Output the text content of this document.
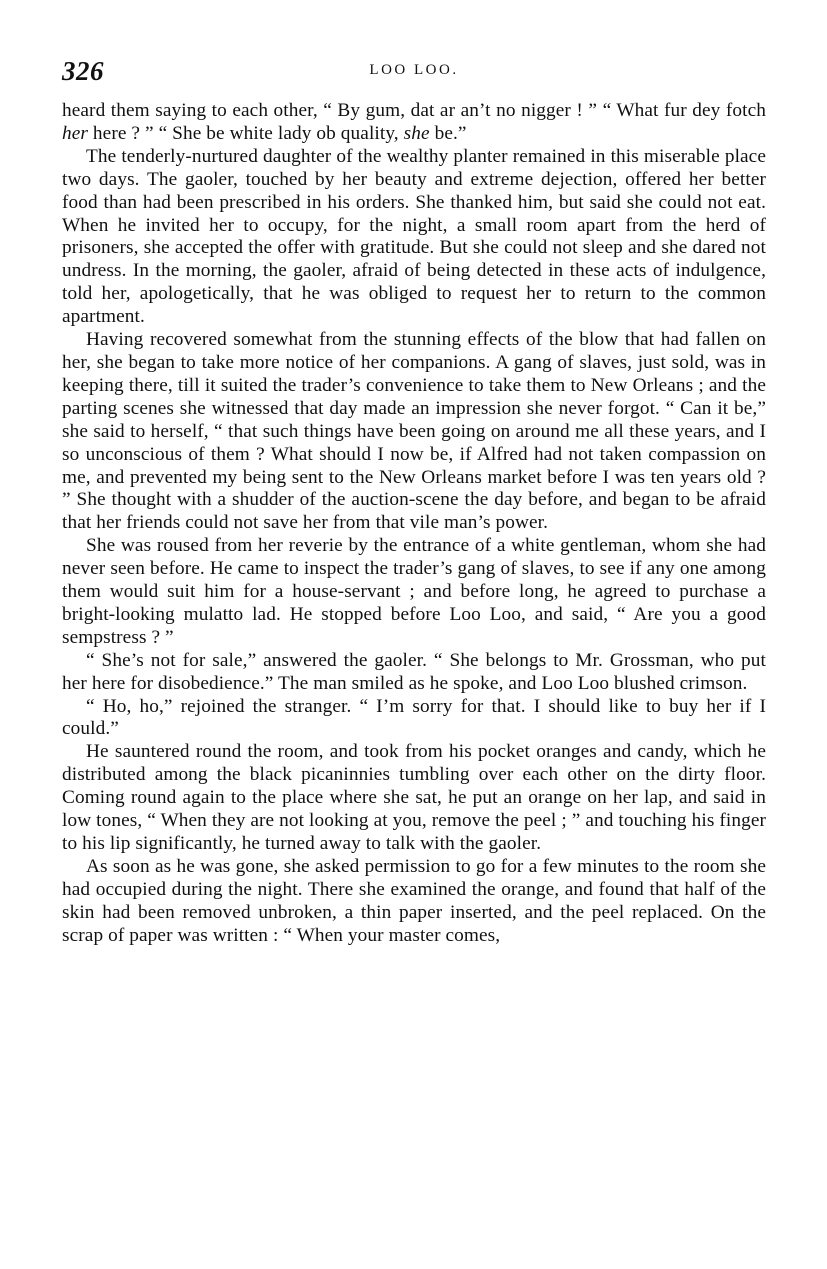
326	LOO LOO.

heard them saying to each other, “ By gum, dat ar an’t no nigger ! ” “ What fur dey fotch her here ? ” “ She be white lady ob quality, she be.”

The tenderly-nurtured daughter of the wealthy planter remained in this miserable place two days. The gaoler, touched by her beauty and extreme dejection, offered her better food than had been prescribed in his orders. She thanked him, but said she could not eat. When he invited her to occupy, for the night, a small room apart from the herd of prisoners, she accepted the offer with gratitude. But she could not sleep and she dared not undress. In the morning, the gaoler, afraid of being detected in these acts of indulgence, told her, apologetically, that he was obliged to request her to return to the common apartment.

Having recovered somewhat from the stunning effects of the blow that had fallen on her, she began to take more notice of her companions. A gang of slaves, just sold, was in keeping there, till it suited the trader’s convenience to take them to New Orleans ; and the parting scenes she witnessed that day made an impression she never forgot. “ Can it be,” she said to herself, “ that such things have been going on around me all these years, and I so unconscious of them ? What should I now be, if Alfred had not taken compassion on me, and prevented my being sent to the New Orleans market before I was ten years old ? ” She thought with a shudder of the auction-scene the day before, and began to be afraid that her friends could not save her from that vile man’s power.

She was roused from her reverie by the entrance of a white gentleman, whom she had never seen before. He came to inspect the trader’s gang of slaves, to see if any one among them would suit him for a house-servant ; and before long, he agreed to purchase a bright-looking mulatto lad. He stopped before Loo Loo, and said, “ Are you a good sempstress ? ”

“ She’s not for sale,” answered the gaoler. “ She belongs to Mr. Grossman, who put her here for disobedience.” The man smiled as he spoke, and Loo Loo blushed crimson.

“ Ho, ho,” rejoined the stranger. “ I’m sorry for that. I should like to buy her if I could.”

He sauntered round the room, and took from his pocket oranges and candy, which he distributed among the black picaninnies tumbling over each other on the dirty floor. Coming round again to the place where she sat, he put an orange on her lap, and said in low tones, “ When they are not looking at you, remove the peel ; ” and touching his finger to his lip significantly, he turned away to talk with the gaoler.

As soon as he was gone, she asked permission to go for a few minutes to the room she had occupied during the night. There she examined the orange, and found that half of the skin had been removed unbroken, a thin paper inserted, and the peel replaced. On the scrap of paper was written : “ When your master comes,
